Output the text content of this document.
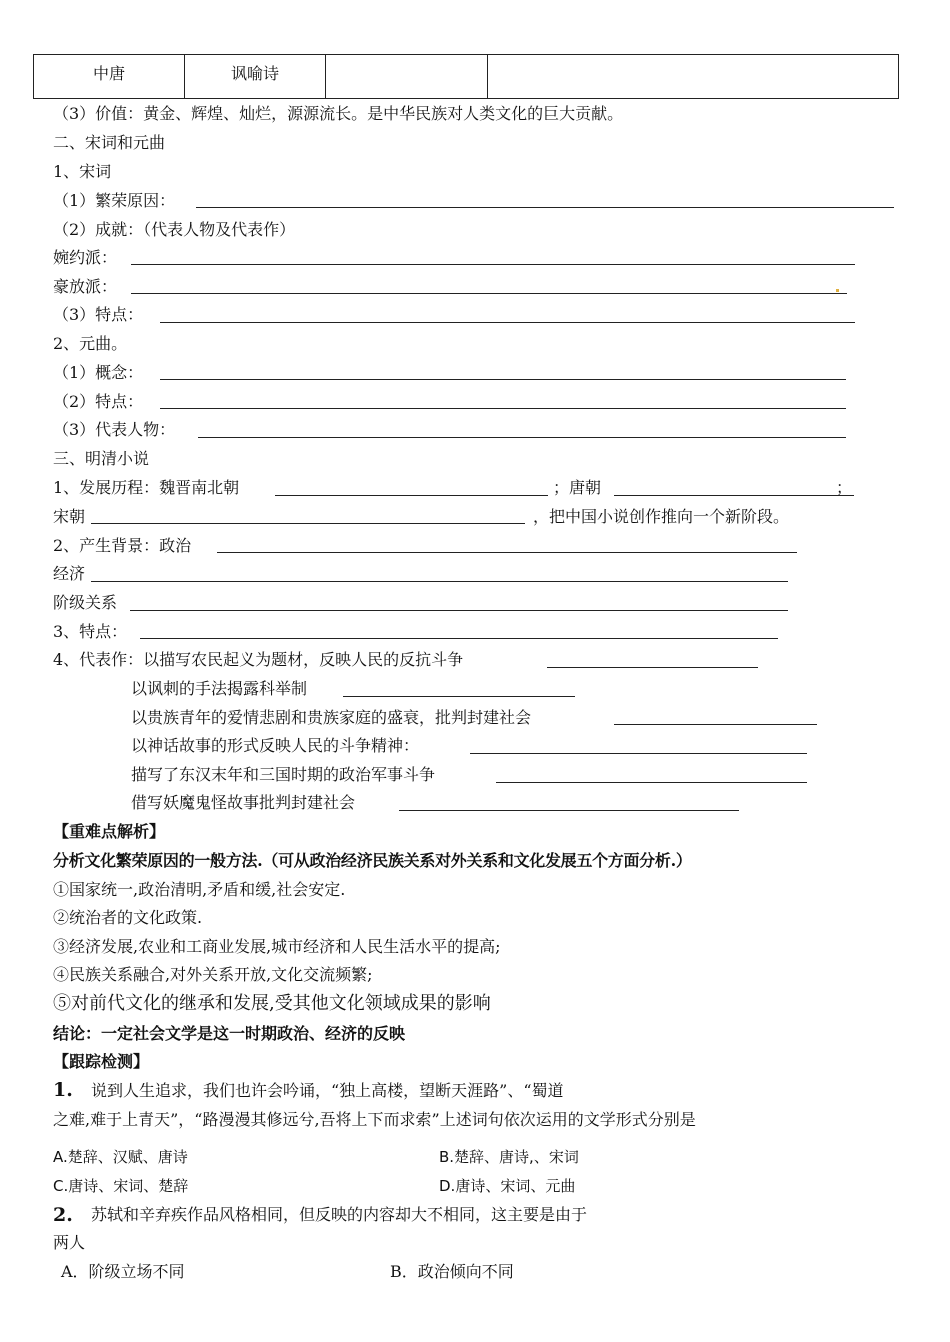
中唐	讽喻诗		
（3）价值：黄金、辉煌、灿烂，源源流长。是中华民族对人类文化的巨大贡献。
二、宋词和元曲
1、宋词
（1）繁荣原因：
（2）成就：（代表人物及代表作）
婉约派：
豪放派：
（3）特点：
2、元曲。
（1）概念：
（2）特点：
（3）代表人物：
三、明清小说
1、发展历程：魏晋南北朝	；唐朝	；
宋朝	，把中国小说创作推向一个新阶段。
2、产生背景：政治
经济
阶级关系
3、特点：
4、代表作：以描写农民起义为题材，反映人民的反抗斗争
以讽刺的手法揭露科举制
以贵族青年的爱情悲剧和贵族家庭的盛衰，批判封建社会
以神话故事的形式反映人民的斗争精神：
描写了东汉末年和三国时期的政治军事斗争
借写妖魔鬼怪故事批判封建社会
【重难点解析】
分析文化繁荣原因的一般方法.（可从政治经济民族关系对外关系和文化发展五个方面分析.）
①国家统一,政治清明,矛盾和缓,社会安定.
②统治者的文化政策.
③经济发展,农业和工商业发展,城市经济和人民生活水平的提高;
④民族关系融合,对外关系开放,文化交流频繁;
⑤对前代文化的继承和发展,受其他文化领域成果的影响
结论：一定社会文学是这一时期政治、经济的反映
【跟踪检测】
1. 说到人生追求，我们也许会吟诵，“独上高楼，望断天涯路”、“蜀道
之难,难于上青天”，“路漫漫其修远兮,吾将上下而求索”上述词句依次运用的文学形式分别是
A.楚辞、汉赋、唐诗	B.楚辞、唐诗,、宋词
C.唐诗、宋词、楚辞	D.唐诗、宋词、元曲
2. 苏轼和辛弃疾作品风格相同，但反映的内容却大不相同，这主要是由于
两人
A．阶级立场不同	B．政治倾向不同
